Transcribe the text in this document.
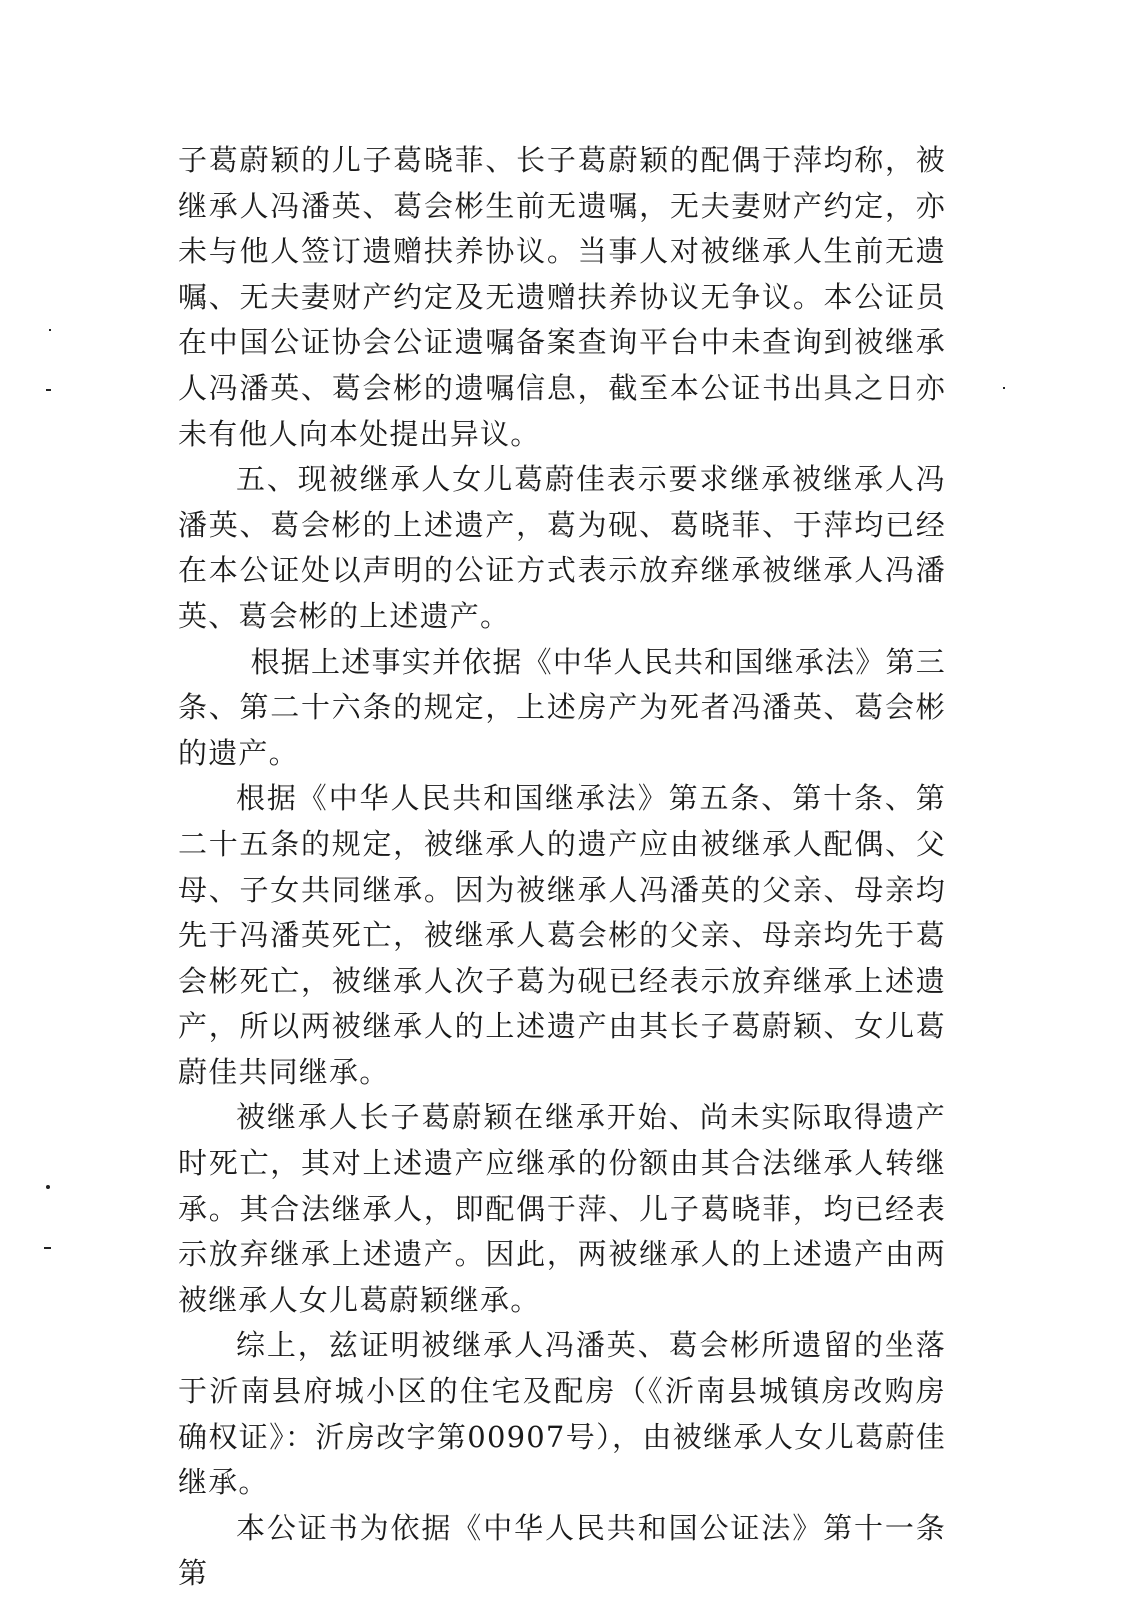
子葛蔚颖的儿子葛晓菲、长子葛蔚颖的配偶于萍均称，被继承人冯潘英、葛会彬生前无遗嘱，无夫妻财产约定，亦未与他人签订遗赠扶养协议。当事人对被继承人生前无遗嘱、无夫妻财产约定及无遗赠扶养协议无争议。本公证员在中国公证协会公证遗嘱备案查询平台中未查询到被继承人冯潘英、葛会彬的遗嘱信息，截至本公证书出具之日亦未有他人向本处提出异议。

五、现被继承人女儿葛蔚佳表示要求继承被继承人冯潘英、葛会彬的上述遗产，葛为砚、葛晓菲、于萍均已经在本公证处以声明的公证方式表示放弃继承被继承人冯潘英、葛会彬的上述遗产。

根据上述事实并依据《中华人民共和国继承法》第三条、第二十六条的规定，上述房产为死者冯潘英、葛会彬的遗产。

根据《中华人民共和国继承法》第五条、第十条、第二十五条的规定，被继承人的遗产应由被继承人配偶、父母、子女共同继承。因为被继承人冯潘英的父亲、母亲均先于冯潘英死亡，被继承人葛会彬的父亲、母亲均先于葛会彬死亡，被继承人次子葛为砚已经表示放弃继承上述遗产，所以两被继承人的上述遗产由其长子葛蔚颖、女儿葛蔚佳共同继承。

被继承人长子葛蔚颖在继承开始、尚未实际取得遗产时死亡，其对上述遗产应继承的份额由其合法继承人转继承。其合法继承人，即配偶于萍、儿子葛晓菲，均已经表示放弃继承上述遗产。因此，两被继承人的上述遗产由两被继承人女儿葛蔚颖继承。

综上，兹证明被继承人冯潘英、葛会彬所遗留的坐落于沂南县府城小区的住宅及配房（《沂南县城镇房改购房确权证》：沂房改字第00907号），由被继承人女儿葛蔚佳继承。

本公证书为依据《中华人民共和国公证法》第十一条第
